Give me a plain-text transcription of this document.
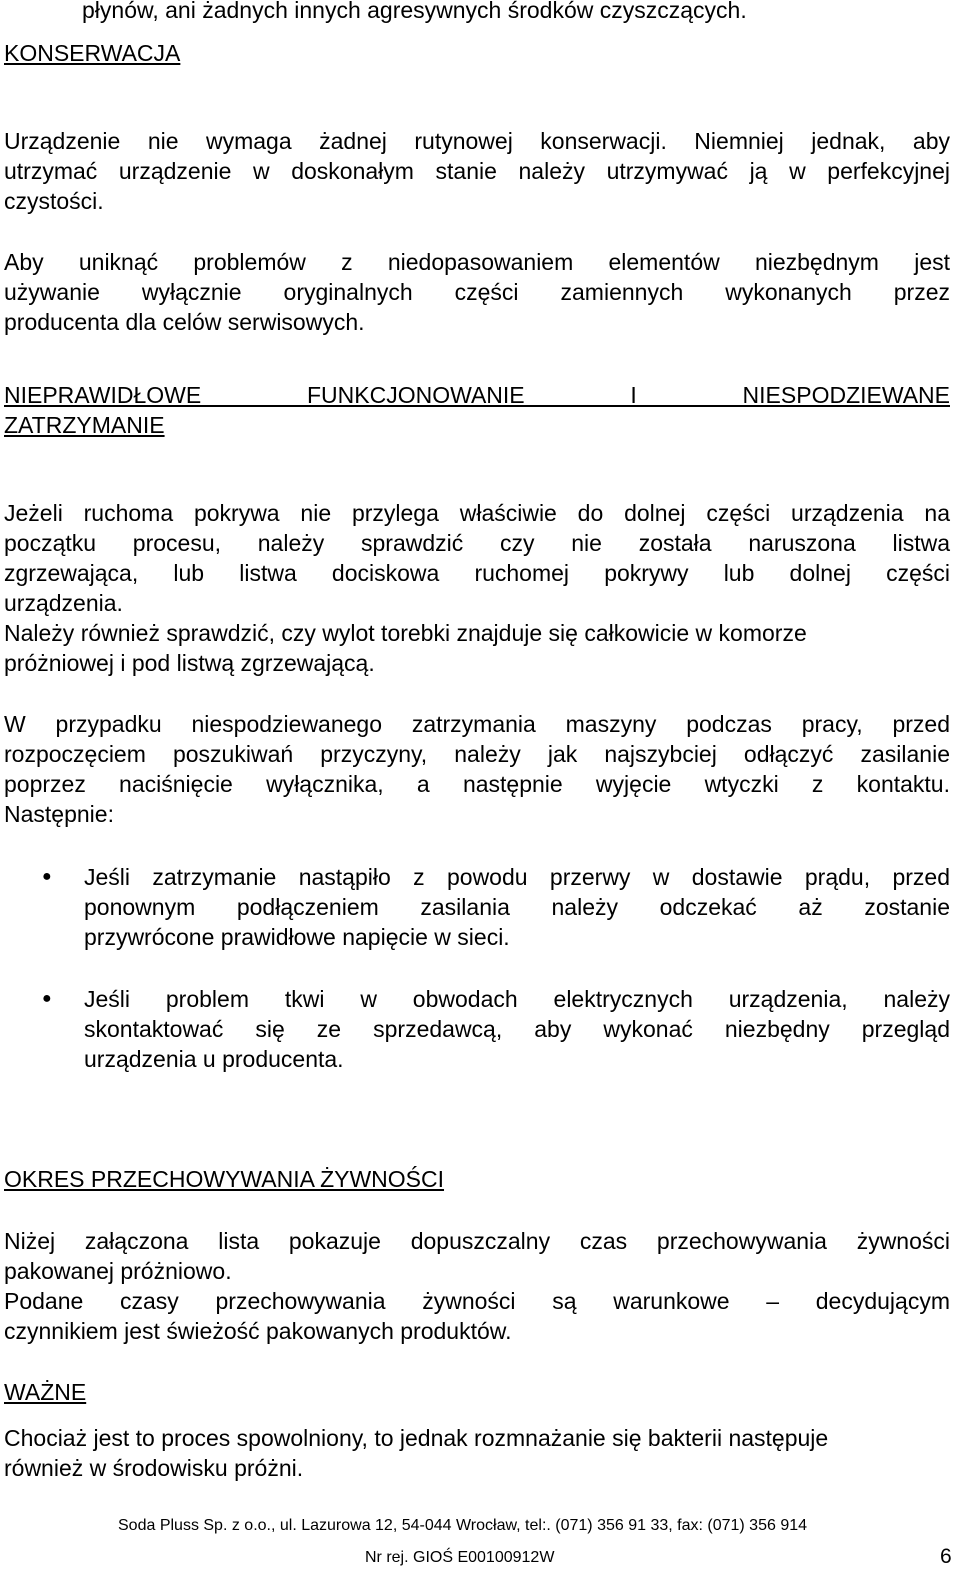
płynów, ani żadnych innych agresywnych środków czyszczących.
KONSERWACJA
Urządzenie nie wymaga żadnej rutynowej konserwacji. Niemniej jednak, aby
utrzymać urządzenie w doskonałym stanie należy utrzymywać ją w perfekcyjnej
czystości.
Aby uniknąć problemów z niedopasowaniem elementów niezbędnym jest
używanie wyłącznie oryginalnych części zamiennych wykonanych przez
producenta dla celów serwisowych.
NIEPRAWIDŁOWE FUNKCJONOWANIE I NIESPODZIEWANE
ZATRZYMANIE
Jeżeli ruchoma pokrywa nie przylega właściwie do dolnej części urządzenia na
początku procesu, należy sprawdzić czy nie została naruszona listwa
zgrzewająca, lub listwa dociskowa ruchomej pokrywy lub dolnej części
urządzenia.
Należy również sprawdzić, czy wylot torebki znajduje się całkowicie w komorze
próżniowej i pod listwą zgrzewającą.
W przypadku niespodziewanego zatrzymania maszyny podczas pracy, przed
rozpoczęciem poszukiwań przyczyny, należy jak najszybciej odłączyć zasilanie
poprzez naciśnięcie wyłącznika, a następnie wyjęcie wtyczki z kontaktu.
Następnie:
● Jeśli zatrzymanie nastąpiło z powodu przerwy w dostawie prądu, przed
ponownym podłączeniem zasilania należy odczekać aż zostanie
przywrócone prawidłowe napięcie w sieci.
● Jeśli problem tkwi w obwodach elektrycznych urządzenia, należy
skontaktować się ze sprzedawcą, aby wykonać niezbędny przegląd
urządzenia u producenta.
OKRES PRZECHOWYWANIA ŻYWNOŚCI
Niżej załączona lista pokazuje dopuszczalny czas przechowywania żywności
pakowanej próżniowo.
Podane czasy przechowywania żywności są warunkowe – decydującym
czynnikiem jest świeżość pakowanych produktów.
WAŻNE
Chociaż jest to proces spowolniony, to jednak rozmnażanie się bakterii następuje
również w środowisku próżni.
Soda Pluss Sp. z o.o., ul. Lazurowa 12, 54-044 Wrocław, tel:. (071) 356 91 33, fax: (071) 356 914
Nr rej. GIOŚ E00100912W	6
